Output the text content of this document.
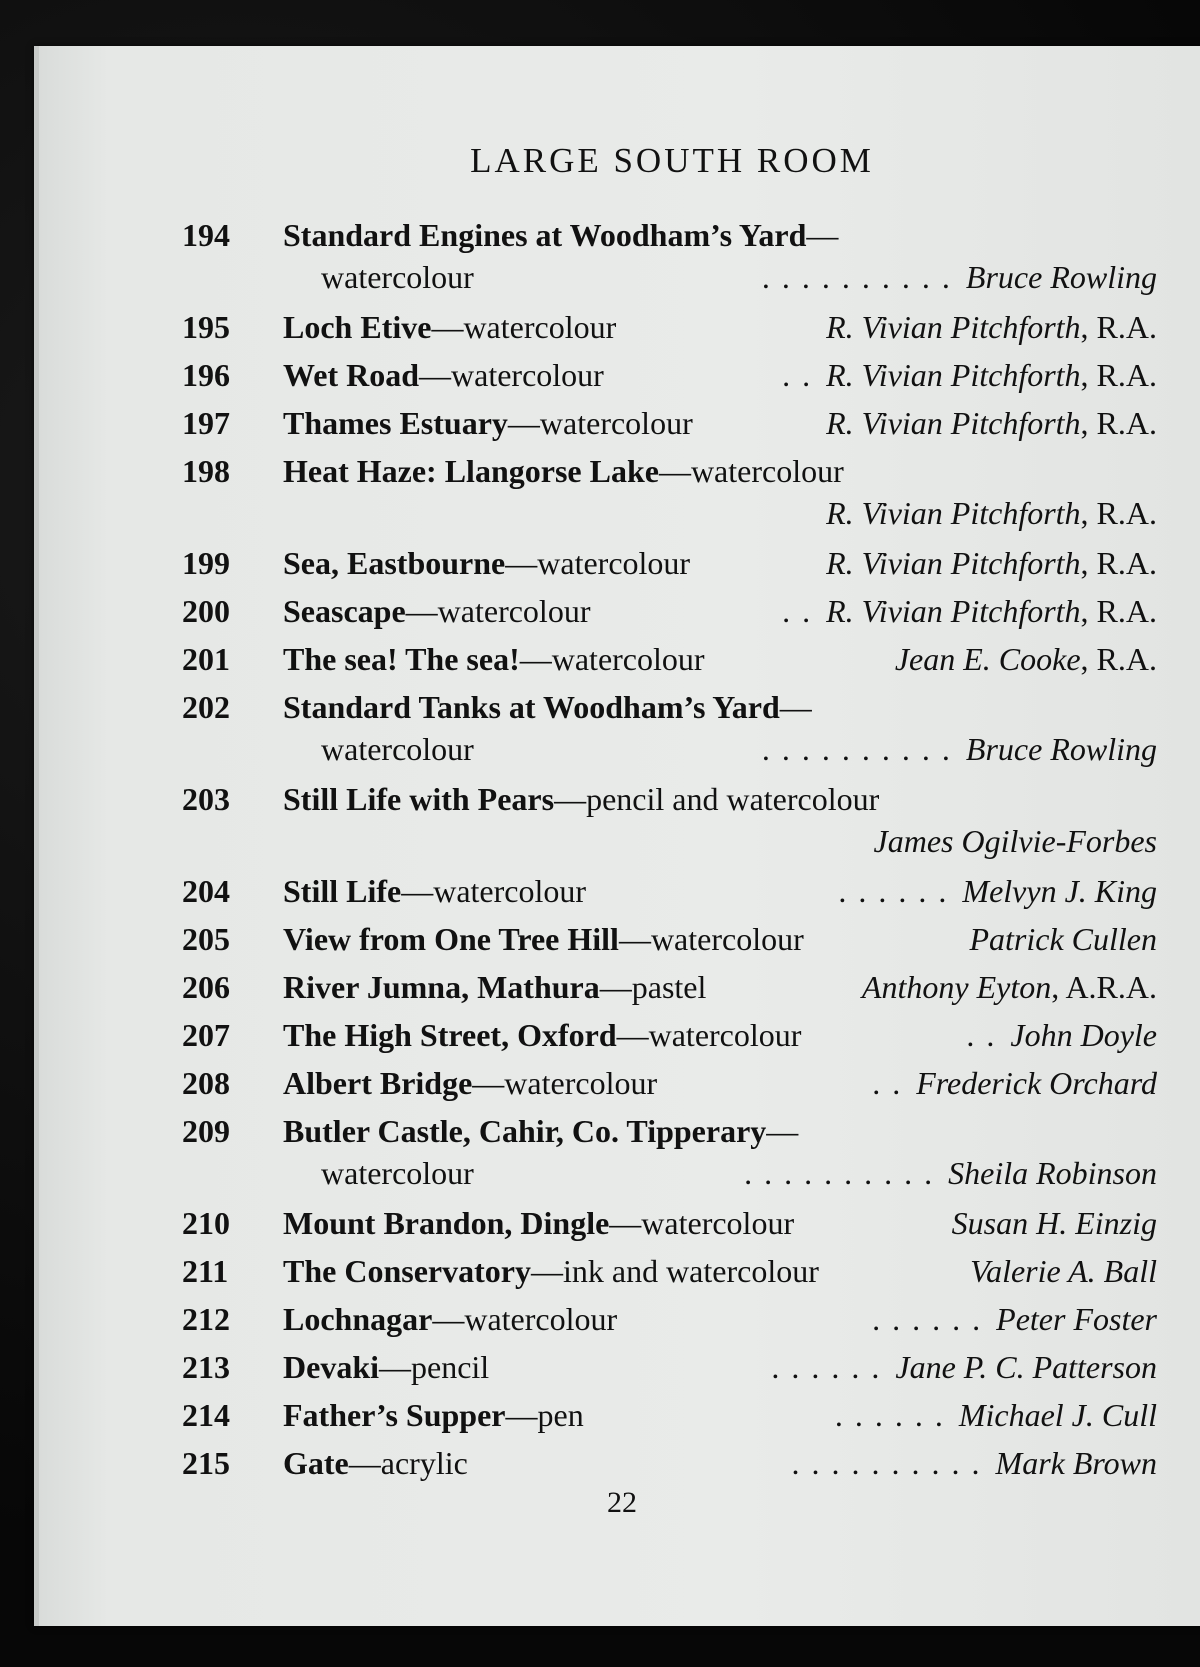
LARGE SOUTH ROOM
194 Standard Engines at Woodham’s Yard—
watercolour	Bruce Rowling
. . . . . . . . . .
195 Loch Etive—watercolour	R. Vivian Pitchforth, R.A.
196 Wet Road—watercolour	R. Vivian Pitchforth, R.A.
. .
197 Thames Estuary—watercolour	R. Vivian Pitchforth, R.A.
198 Heat Haze: Llangorse Lake—watercolour
R. Vivian Pitchforth, R.A.
199 Sea, Eastbourne—watercolour	R. Vivian Pitchforth, R.A.
200 Seascape—watercolour	R. Vivian Pitchforth, R.A.
. .
201 The sea! The sea!—watercolour	Jean E. Cooke, R.A.
202 Standard Tanks at Woodham’s Yard—
watercolour	Bruce Rowling
. . . . . . . . . .
203 Still Life with Pears—pencil and watercolour
James Ogilvie-Forbes
204 Still Life—watercolour	Melvyn J. King
. . . . . .
205 View from One Tree Hill—watercolour	Patrick Cullen
206 River Jumna, Mathura—pastel	Anthony Eyton, A.R.A.
207 The High Street, Oxford—watercolour	John Doyle
. .
208 Albert Bridge—watercolour	Frederick Orchard
. .
209 Butler Castle, Cahir, Co. Tipperary—
watercolour	Sheila Robinson
. . . . . . . . . .
210 Mount Brandon, Dingle—watercolour	Susan H. Einzig
211 The Conservatory—ink and watercolour	Valerie A. Ball
212 Lochnagar—watercolour	Peter Foster
. . . . . .
213 Devaki—pencil	Jane P. C. Patterson
. . . . . .
214 Father’s Supper—pen	Michael J. Cull
. . . . . .
215 Gate—acrylic	Mark Brown
. . . . . . . . . .
22
